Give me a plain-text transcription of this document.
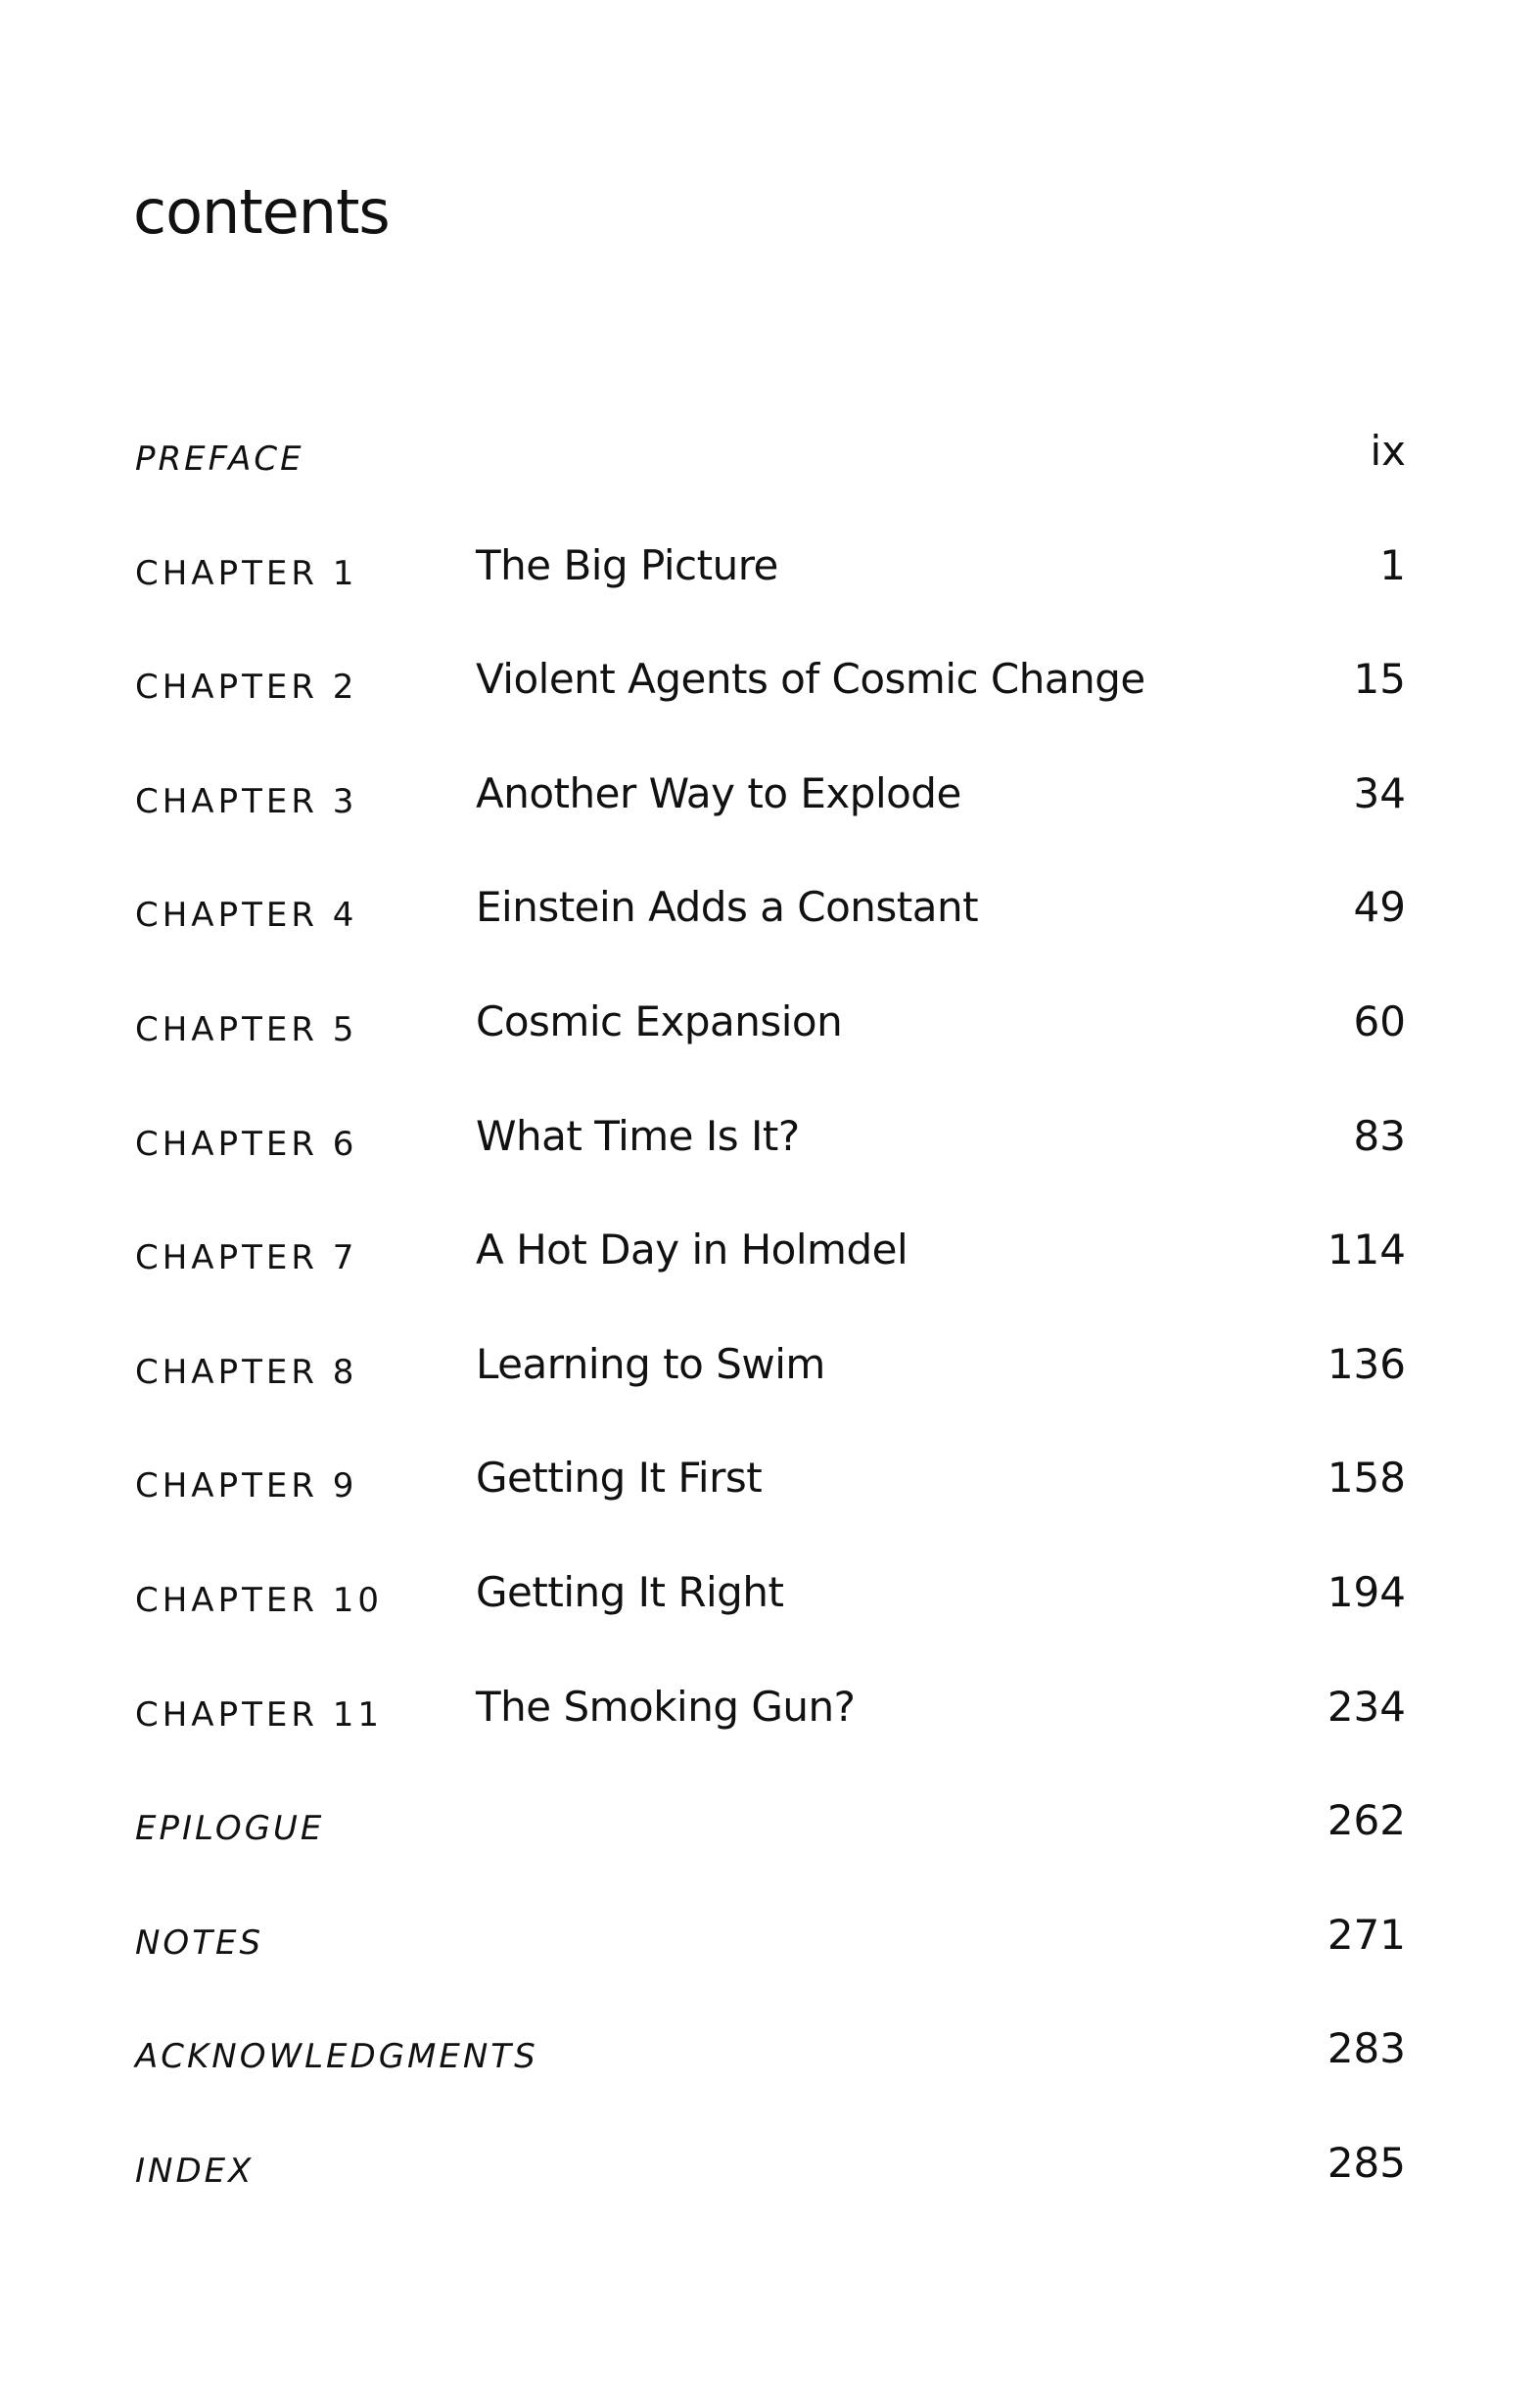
contents
PREFACE	ix
CHAPTER 1	The Big Picture	1
CHAPTER 2	Violent Agents of Cosmic Change	15
CHAPTER 3	Another Way to Explode	34
CHAPTER 4	Einstein Adds a Constant	49
CHAPTER 5	Cosmic Expansion	60
CHAPTER 6	What Time Is It?	83
CHAPTER 7	A Hot Day in Holmdel	114
CHAPTER 8	Learning to Swim	136
CHAPTER 9	Getting It First	158
CHAPTER 10 Getting It Right	194
CHAPTER 11 The Smoking Gun?	234
EPILOGUE	262
NOTES	271
ACKNOWLEDGMENTS	283
INDEX	285
